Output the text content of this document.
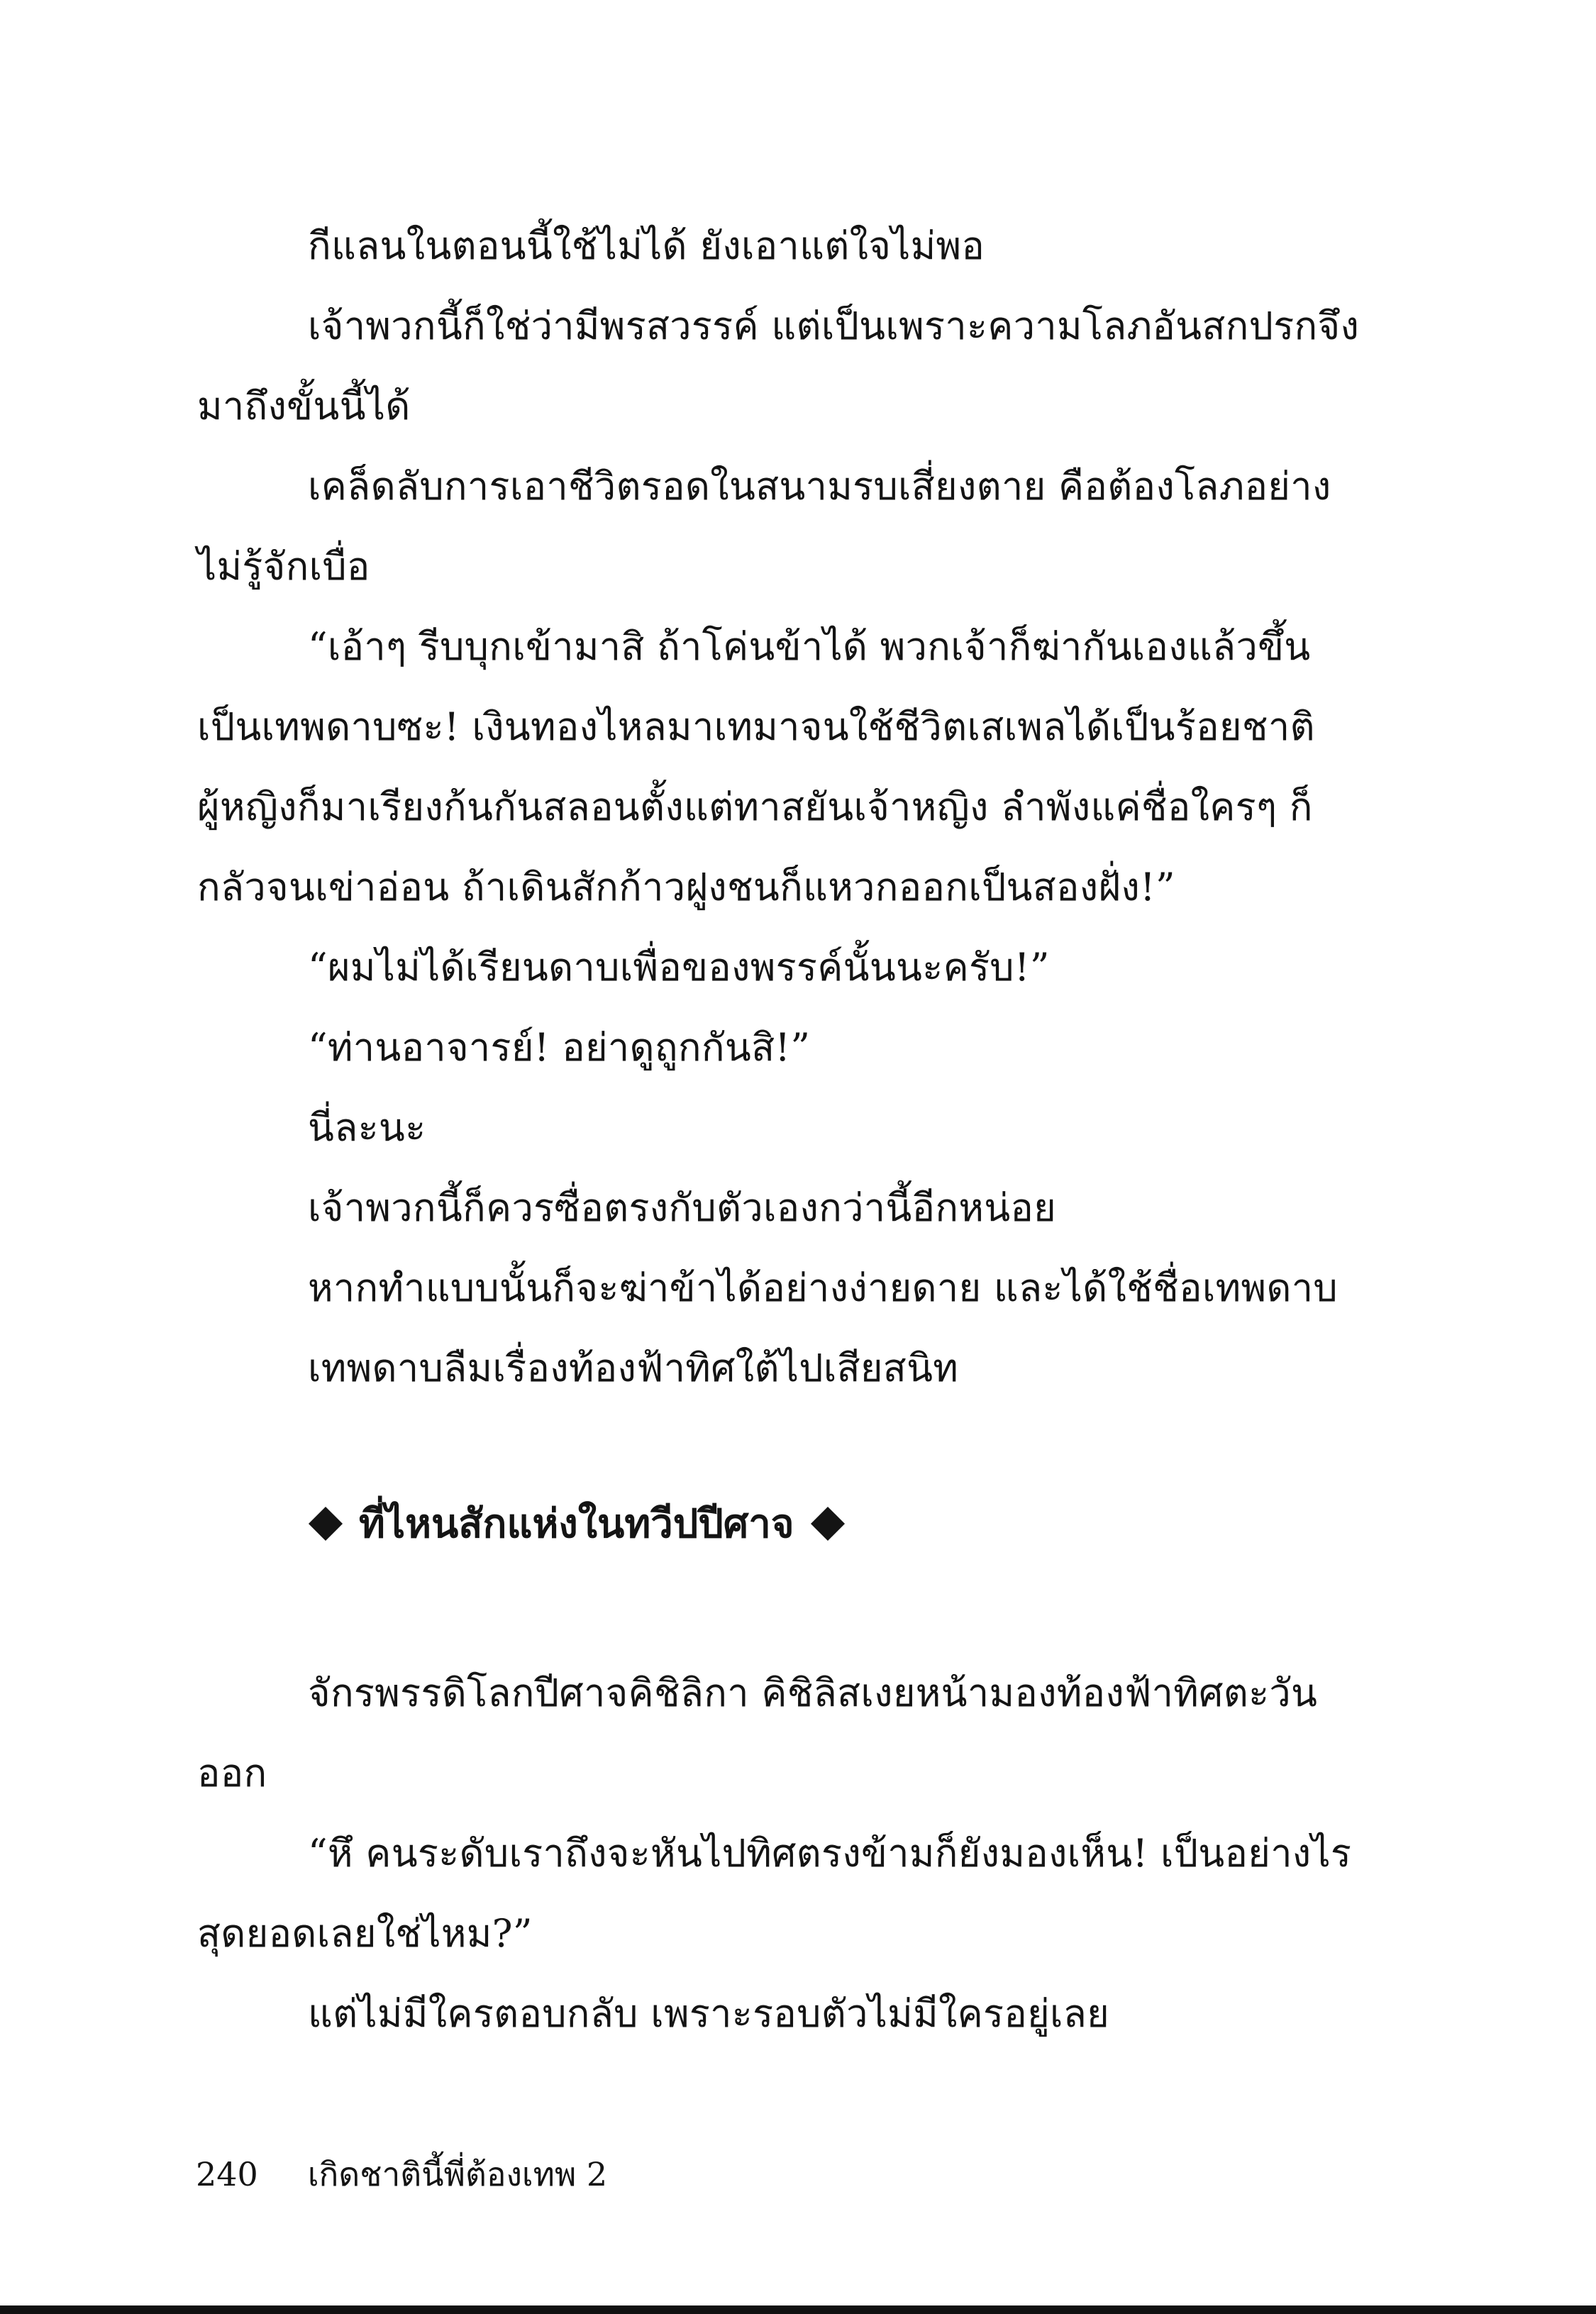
กีแลนในตอนนี้ใช้ไม่ได้ ยังเอาแต่ใจไม่พอ
เจ้าพวกนี้ก็ใช่ว่ามีพรสวรรค์ แต่เป็นเพราะความโลภอันสกปรกจึง
มาถึงขั้นนี้ได้
เคล็ดลับการเอาชีวิตรอดในสนามรบเสี่ยงตาย คือต้องโลภอย่าง
ไม่รู้จักเบื่อ
“เอ้าๆ รีบบุกเข้ามาสิ ถ้าโค่นข้าได้ พวกเจ้าก็ฆ่ากันเองแล้วขึ้น
เป็นเทพดาบซะ! เงินทองไหลมาเทมาจนใช้ชีวิตเสเพลได้เป็นร้อยชาติ
ผู้หญิงก็มาเรียงก้นกันสลอนตั้งแต่ทาสยันเจ้าหญิง ลำพังแค่ชื่อใครๆ ก็
กลัวจนเข่าอ่อน ถ้าเดินสักก้าวฝูงชนก็แหวกออกเป็นสองฝั่ง!”
“ผมไม่ได้เรียนดาบเพื่อของพรรค์นั้นนะครับ!”
“ท่านอาจารย์! อย่าดูถูกกันสิ!”
นี่ละนะ
เจ้าพวกนี้ก็ควรซื่อตรงกับตัวเองกว่านี้อีกหน่อย
หากทำแบบนั้นก็จะฆ่าข้าได้อย่างง่ายดาย และได้ใช้ชื่อเทพดาบ
เทพดาบลืมเรื่องท้องฟ้าทิศใต้ไปเสียสนิท
ที่ไหนสักแห่งในทวีปปีศาจ
จักรพรรดิโลกปีศาจคิชิลิกา คิชิลิสเงยหน้ามองท้องฟ้าทิศตะวัน
ออก
“หึ คนระดับเราถึงจะหันไปทิศตรงข้ามก็ยังมองเห็น! เป็นอย่างไร
สุดยอดเลยใช่ไหม?”
แต่ไม่มีใครตอบกลับ เพราะรอบตัวไม่มีใครอยู่เลย
240 เกิดชาตินี้พี่ต้องเทพ 2
